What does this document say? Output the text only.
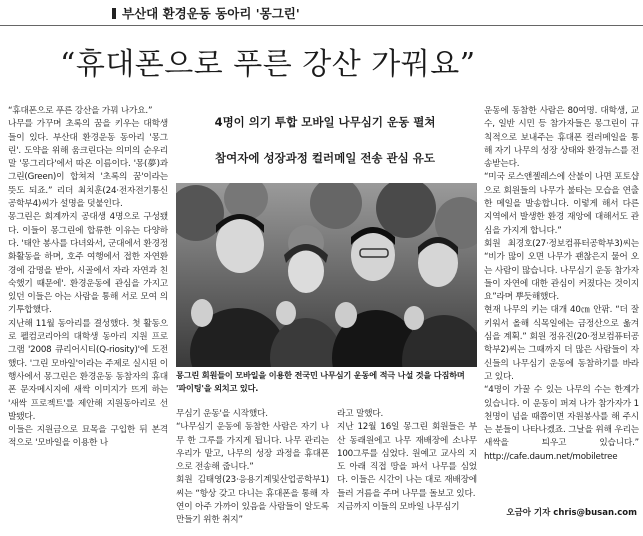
부산대 환경운동 동아리 '몽그린'
“휴대폰으로 푸른 강산 가꿔요”
“휴대폰으로 푸른 강산을 가꿔 나가요.”
나무를 가꾸며 초록의 꿈을 키우는 대학생들이 있다. 부산대 환경운동 동아리 '몽그린'. 도약을 위해 움크린다는 의미의 순우리말 '몽그리다'에서 따온 이름이다. '몽(夢)과 그린(Green)이 합쳐져 '초록의 꿈'이라는 뜻도 되죠.” 리더 최치훈(24·전자전기통신공학부4)씨가 설명을 덧붙인다.
몽그린은 회계까지 공대생 4명으로 구성됐다. 이들이 몽그린에 합류한 이유는 다양하다. '태안 봉사를 다녀와서, 군대에서 환경정화활동을 하며, 호주 여행에서 접한 자연환경에 감명을 받아, 시골에서 자라 자연과 친숙했기 때문에'. 환경운동에 관심을 가지고 있던 이들은 아는 사람을 통해 서로 모여 의기투합했다.
지난해 11월 동아리를 결성했다. 첫 활동으로 펠컴코리아의 대학생 동아리 지원 프로그램 '2008 큐리어시티(Q-riosity)'에 도전했다. '그린 모바일'이라는 주제로 실시된 이 행사에서 몽그린은 환경운동 동참자의 휴대폰 문자메시지에 새싹 이미지가 뜨게 하는 '새싹 프로젝트'를 제안해 지원동아리로 선발됐다.
이들은 지원금으로 묘목을 구입한 뒤 본격적으로 '모바일을 이용한 나
4명이 의기 투합 모바일 나무심기 운동 펼쳐
참여자에 성장과정 컬러메일 전송 관심 유도
몽그린 회원들이 모바일을 이용한 전국민 나무심기 운동에 적극 나설 것을 다짐하며 '파이팅'을 외치고 있다.
무심기 운동'을 시작했다.
“나무심기 운동에 동참한 사람은 자기 나무 한 그루를 가지게 됩니다. 나무 관리는 우리가 맡고, 나무의 성장 과정을 휴대폰으로 전송해 줍니다.”
회원 김태영(23·응용기계및산업공학부1)씨는 “항상 갖고 다니는 휴대폰을 통해 자연이 아주 가까이 있음을 사람들이 알도록 만들기 위한 취지”
라고 말했다.
지난 12월 16일 몽그린 회원들은 부산 동래원에고 나무 재배장에 소나무 100그루를 심었다. 원예고 교사의 지도 아래 직접 땅을 파서 나무를 심었다. 이들은 시간이 나는 대로 재배장에 들러 거름을 주며 나무를 돌보고 있다.
지금까지 이들의 모바일 나무심기
운동에 동참한 사람은 80여명. 대학생, 교수, 일반 시민 등 참가자들은 몽그린이 규칙적으로 보내주는 휴대폰 컬러메일을 통해 자기 나무의 성장 상태와 환경뉴스를 전송받는다.
“미국 로스앤젤레스에 산불이 나면 포토샵으로 회원들의 나무가 불타는 모습을 연출한 메일을 발송합니다. 이렇게 해서 다른 지역에서 발생한 환경 재앙에 대해서도 관심을 가지게 합니다.”
회원 최경호(27·정보컴퓨터공학부3)씨는 “비가 많이 오면 나무가 괜찮은지 물어 오는 사람이 많습니다. 나무심기 운동 참가자들이 자연에 대한 관심이 커졌다는 것이지요”라며 뿌듯해했다.
현재 나무의 키는 대개 40㎝ 안팎. “더 잘 키워서 올해 식목일에는 금정산으로 옮겨 심을 계획.” 회원 정유진(20·정보컴퓨터공학부2)씨는 그때까지 더 많은 사람들이 자신들의 나무심기 운동에 동참하기를 바라고 있다.
“4명이 가꿀 수 있는 나무의 수는 한계가 있습니다. 이 운동이 퍼져 나가 참가자가 1천명이 넘을 때쯤이면 자원봉사를 해 주시는 분들이 나타나겠죠. 그날을 위해 우리는 새싹을 틔우고 있습니다.” http://cafe.daum.net/mobiletree
오금아 기자 chris@busan.com
